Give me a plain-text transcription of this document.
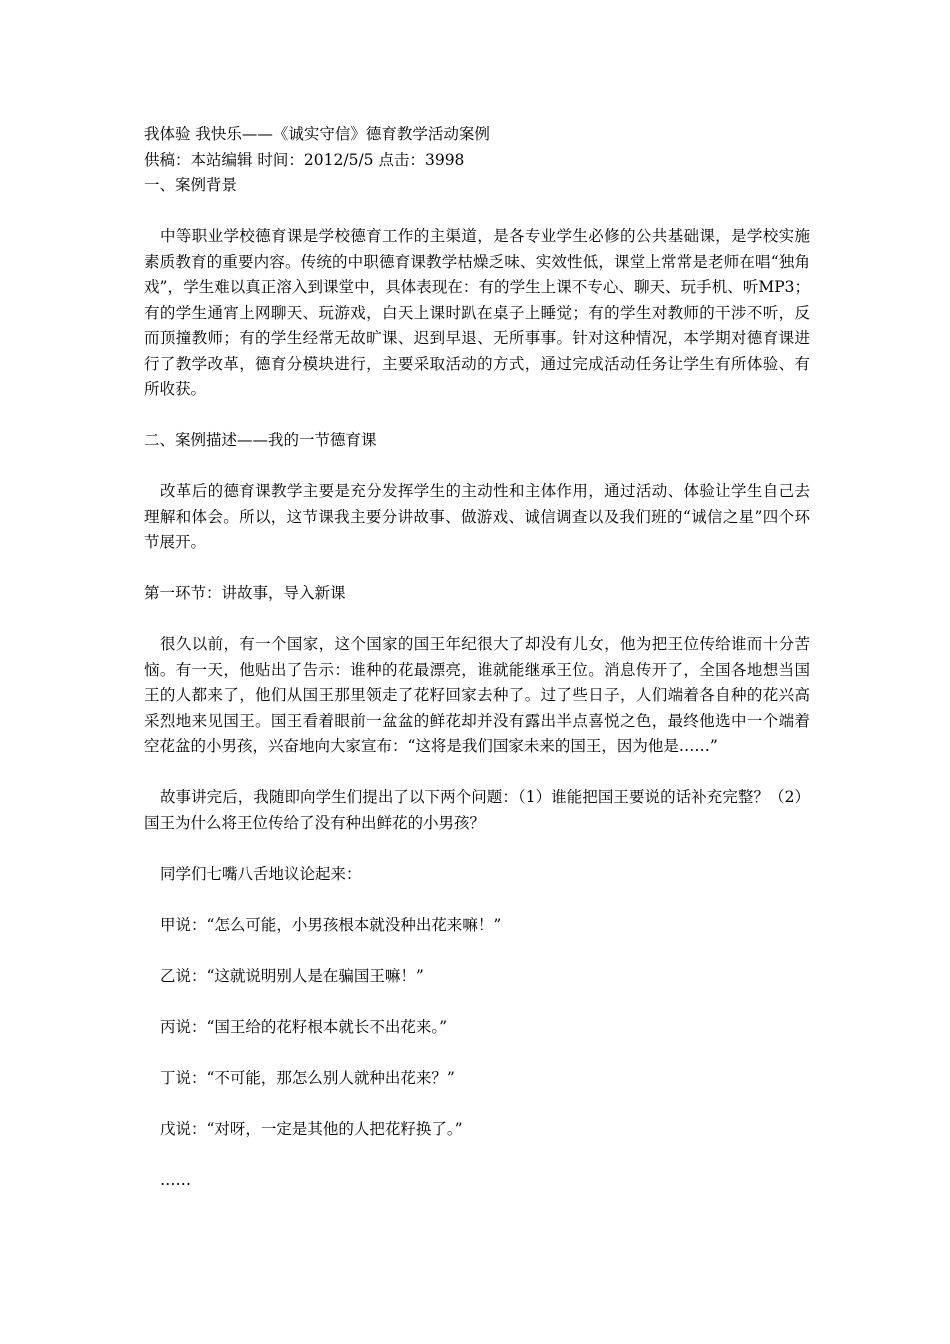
我体验 我快乐——《诚实守信》德育教学活动案例

供稿：本站编辑 时间：2012/5/5 点击：3998

一、案例背景

中等职业学校德育课是学校德育工作的主渠道，是各专业学生必修的公共基础课，是学校实施素质教育的重要内容。传统的中职德育课教学枯燥乏味、实效性低，课堂上常常是老师在唱“独角戏”，学生难以真正溶入到课堂中，具体表现在：有的学生上课不专心、聊天、玩手机、听MP3；有的学生通宵上网聊天、玩游戏，白天上课时趴在桌子上睡觉；有的学生对教师的干涉不听，反而顶撞教师；有的学生经常无故旷课、迟到早退、无所事事。针对这种情况，本学期对德育课进行了教学改革，德育分模块进行，主要采取活动的方式，通过完成活动任务让学生有所体验、有所收获。

二、案例描述——我的一节德育课

改革后的德育课教学主要是充分发挥学生的主动性和主体作用，通过活动、体验让学生自己去理解和体会。所以，这节课我主要分讲故事、做游戏、诚信调查以及我们班的“诚信之星”四个环节展开。

第一环节：讲故事，导入新课

很久以前，有一个国家，这个国家的国王年纪很大了却没有儿女，他为把王位传给谁而十分苦恼。有一天，他贴出了告示：谁种的花最漂亮，谁就能继承王位。消息传开了，全国各地想当国王的人都来了，他们从国王那里领走了花籽回家去种了。过了些日子，人们端着各自种的花兴高采烈地来见国王。国王看着眼前一盆盆的鲜花却并没有露出半点喜悦之色，最终他选中一个端着空花盆的小男孩，兴奋地向大家宣布：“这将是我们国家未来的国王，因为他是……”

故事讲完后，我随即向学生们提出了以下两个问题：（1）谁能把国王要说的话补充完整？（2）国王为什么将王位传给了没有种出鲜花的小男孩？

同学们七嘴八舌地议论起来：

甲说：“怎么可能，小男孩根本就没种出花来嘛！”

乙说：“这就说明别人是在骗国王嘛！”

丙说：“国王给的花籽根本就长不出花来。”

丁说：“不可能，那怎么别人就种出花来？”

戊说：“对呀，一定是其他的人把花籽换了。”

……
